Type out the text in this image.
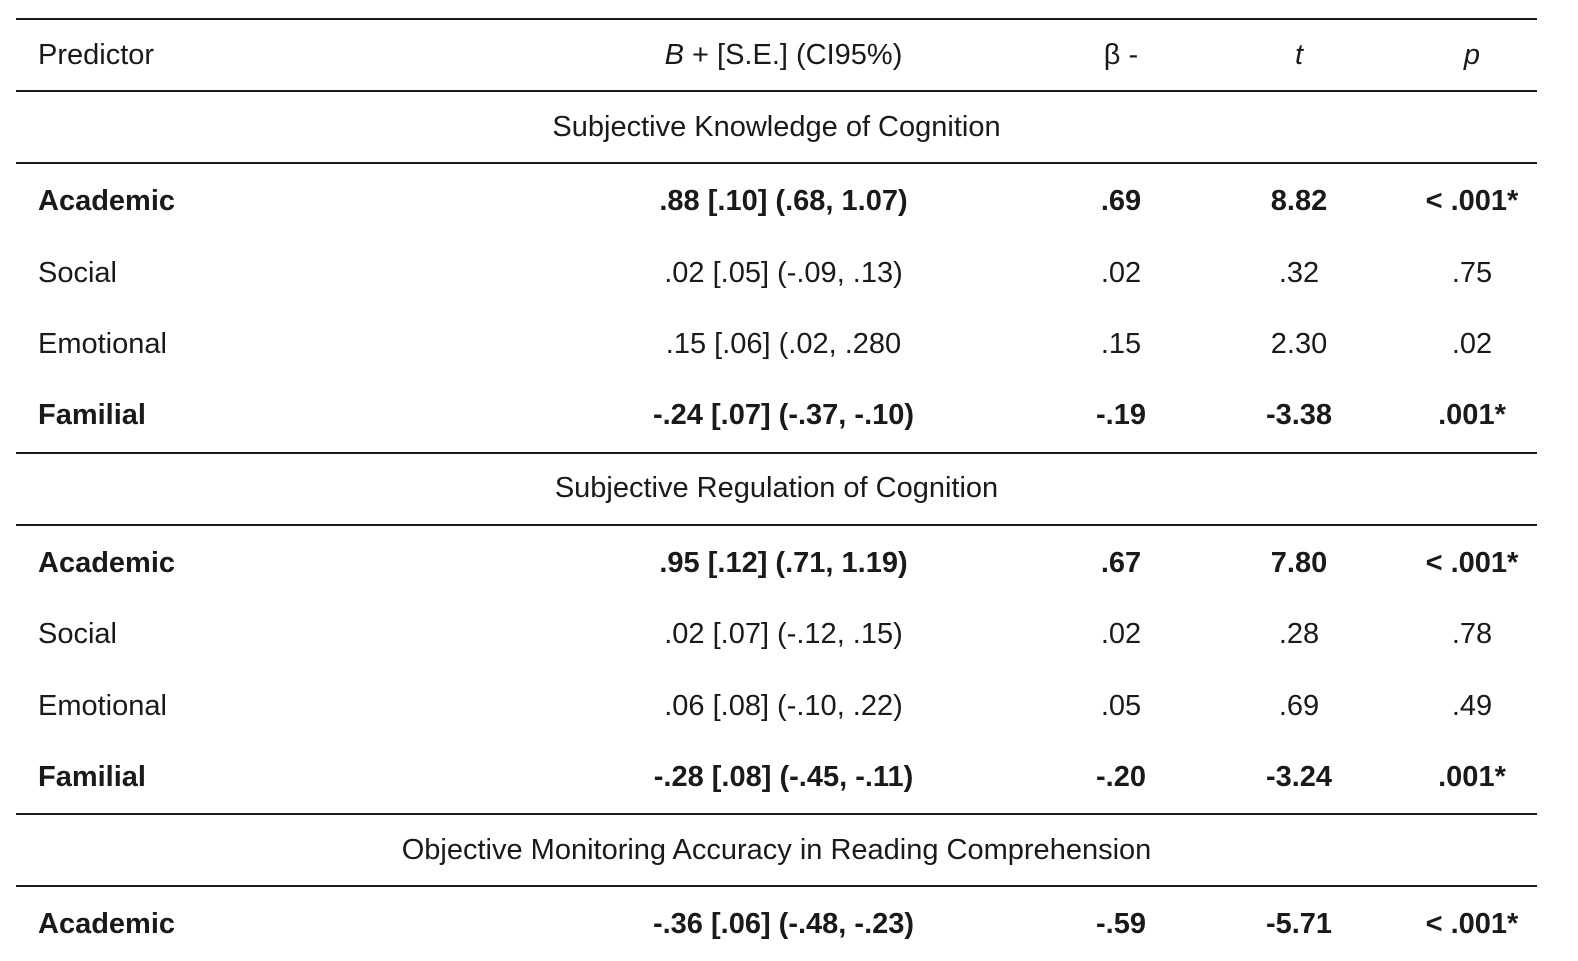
Predictor	B + [S.E.] (CI95%)	β -	t	p
Subjective Knowledge of Cognition				
Academic	.88 [.10] (.68, 1.07)	.69	8.82	< .001*
Social	.02 [.05] (-.09, .13)	.02	.32	.75
Emotional	.15 [.06] (.02, .280	.15	2.30	.02
Familial	-.24 [.07] (-.37, -.10)	-.19	-3.38	.001*
Subjective Regulation of Cognition				
Academic	.95 [.12] (.71, 1.19)	.67	7.80	< .001*
Social	.02 [.07] (-.12, .15)	.02	.28	.78
Emotional	.06 [.08] (-.10, .22)	.05	.69	.49
Familial	-.28 [.08] (-.45, -.11)	-.20	-3.24	.001*
Objective Monitoring Accuracy in Reading Comprehension				
Academic	-.36 [.06] (-.48, -.23)	-.59	-5.71	< .001*
